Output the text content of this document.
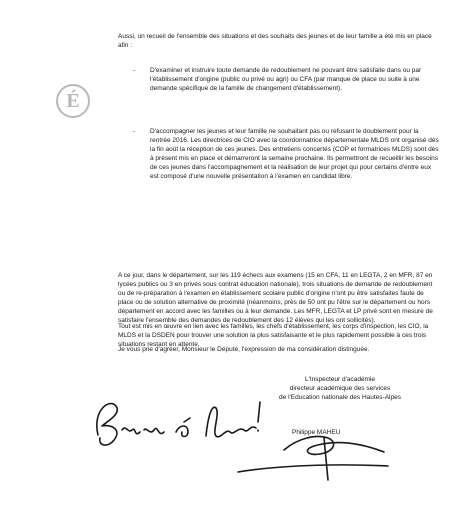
É

Aussi, un recueil de l'ensemble des situations et des souhaits des jeunes et de leur famille a été mis en place afin :

- D'examiner et instruire toute demande de redoublement ne pouvant être satisfaite dans ou par l'établissement d'origine (public ou privé ou agri) ou CFA (par manque de place ou suite à une demande spécifique de la famille de changement d'établissement).

- D'accompagner les jeunes et leur famille ne souhaitant pas ou refusant le doublement pour la rentrée 2016. Les directrices de CIO avec la coordonnatrice départementale MLDS ont organisé dès la fin août la réception de ces jeunes. Des entretiens concertés (COP et formatrices MLDS) sont dès à présent mis en place et démarreront la semaine prochaine. Ils permettront de recueillir les besoins de ces jeunes dans l'accompagnement et la réalisation de leur projet qui pour certains d'entre eux est composé d'une nouvelle présentation à l'examen en candidat libre.

A ce jour, dans le département, sur les 119 échecs aux examens (15 en CFA, 11 en LEGTA, 2 en MFR, 87 en lycées publics ou 3 en privés sous contrat éducation nationale), trois situations de demande de redoublement ou de re-préparation à l'examen en établissement scolaire public d'origine n'ont pu être satisfaites faute de place ou de solution alternative de proximité (néanmoins, près de 50 ont pu l'être sur le département ou hors département en accord avec les familles ou à leur demande. Les MFR, LEGTA et LP privé sont en mesure de satisfaire l'ensemble des demandes de redoublement des 12 élèves qui les ont sollicités).

Tout est mis en œuvre en lien avec les familles, les chefs d'établissement, les corps d'inspection, les CIO, la MLDS et la DSDEN pour trouver une solution la plus satisfaisante et le plus rapidement possible à ces trois situations restant en attente.

Je vous prie d'agréer, Monsieur le Député, l'expression de ma considération distinguée.

L'Inspecteur d'académie
directeur académique des services
de l'Education nationale des Hautes-Alpes
Philippe MAHEU
